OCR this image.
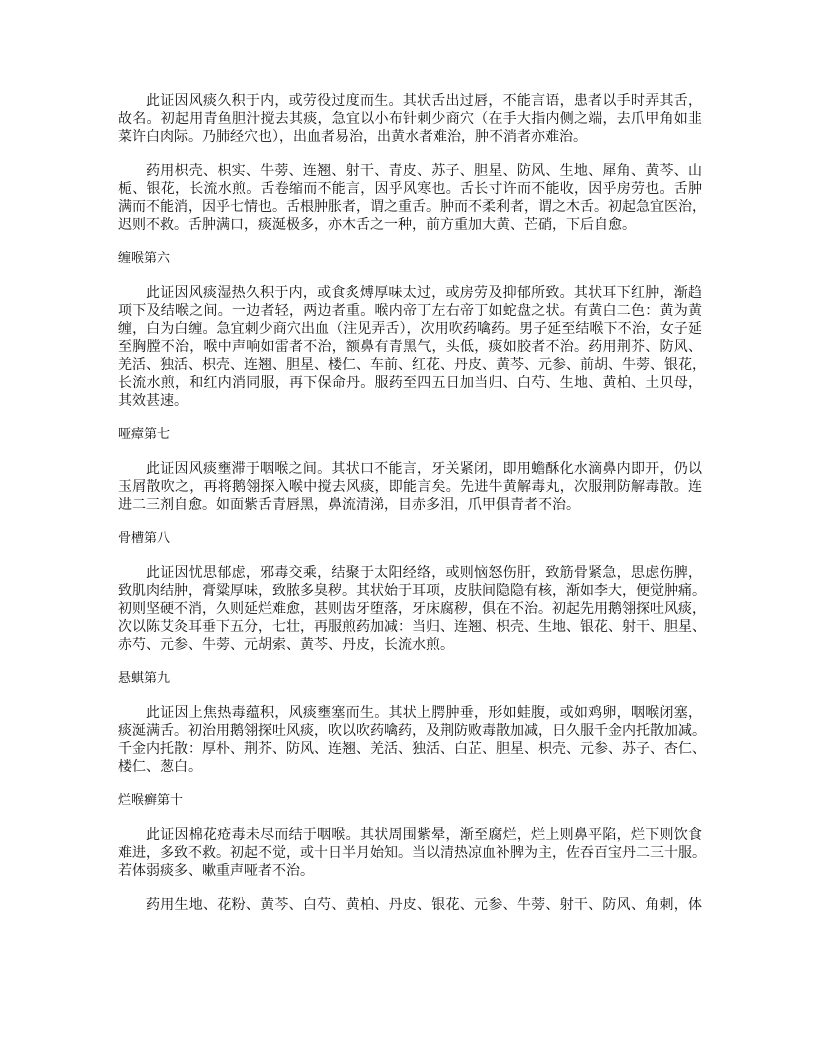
此证因风痰久积于内，或劳役过度而生。其状舌出过唇，不能言语，患者以手时弄其舌，
故名。初起用青鱼胆汁搅去其痰，急宜以小布针刺少商穴（在手大指内侧之端，去爪甲角如韭
菜许白肉际。乃肺经穴也），出血者易治，出黄水者难治，肿不消者亦难治。
药用枳壳、枳实、牛蒡、连翘、射干、青皮、苏子、胆星、防风、生地、犀角、黄芩、山
栀、银花，长流水煎。舌卷缩而不能言，因乎风寒也。舌长寸许而不能收，因乎房劳也。舌肿
满而不能消，因乎七情也。舌根肿胀者，谓之重舌。肿而不柔利者，谓之木舌。初起急宜医治，
迟则不救。舌肿满口，痰涎极多，亦木舌之一种，前方重加大黄、芒硝，下后自愈。
缠喉第六
此证因风痰湿热久积于内，或食炙煿厚味太过，或房劳及抑郁所致。其状耳下红肿，渐趋
项下及结喉之间。一边者轻，两边者重。喉内帝丁左右帝丁如蛇盘之状。有黄白二色：黄为黄
缠，白为白缠。急宜刺少商穴出血（注见弄舌），次用吹药噙药。男子延至结喉下不治，女子延
至胸膛不治，喉中声响如雷者不治，额鼻有青黑气，头低，痰如胶者不治。药用荆芥、防风、
羌活、独活、枳壳、连翘、胆星、楼仁、车前、红花、丹皮、黄芩、元参、前胡、牛蒡、银花，
长流水煎，和红内消同服，再下保命丹。服药至四五日加当归、白芍、生地、黄柏、土贝母，
其效甚速。
哑瘴第七
此证因风痰壅滞于咽喉之间。其状口不能言，牙关紧闭，即用蟾酥化水滴鼻内即开，仍以
玉屑散吹之，再将鹅翎探入喉中搅去风痰，即能言矣。先进牛黄解毒丸，次服荆防解毒散。连
进二三剂自愈。如面紫舌青唇黑，鼻流清涕，目赤多泪，爪甲俱青者不治。
骨槽第八
此证因忧思郁虑，邪毒交乘，结聚于太阳经络，或则恼怒伤肝，致筋骨紧急，思虑伤脾，
致肌肉结肿，膏粱厚味，致脓多臭秽。其状始于耳项，皮肤间隐隐有核，渐如李大，便觉肿痛。
初则坚硬不消，久则延烂难愈，甚则齿牙堕落，牙床腐秽，俱在不治。初起先用鹅翎探吐风痰，
次以陈艾灸耳垂下五分，七壮，再服煎药加减：当归、连翘、枳壳、生地、银花、射干、胆星、
赤芍、元参、牛蒡、元胡索、黄芩、丹皮，长流水煎。
悬蜞第九
此证因上焦热毒蕴积，风痰壅塞而生。其状上腭肿垂，形如蛙腹，或如鸡卵，咽喉闭塞，
痰涎满舌。初治用鹅翎探吐风痰，吹以吹药噙药，及荆防败毒散加减，日久服千金内托散加减。
千金内托散：厚朴、荆芥、防风、连翘、羌活、独活、白芷、胆星、枳壳、元参、苏子、杏仁、
楼仁、葱白。
烂喉癣第十
此证因棉花疮毒未尽而结于咽喉。其状周围紫晕，渐至腐烂，烂上则鼻平陷，烂下则饮食
难进，多致不救。初起不觉，或十日半月始知。当以清热凉血补脾为主，佐吞百宝丹二三十服。
若体弱痰多、嗽重声哑者不治。
药用生地、花粉、黄芩、白芍、黄柏、丹皮、银花、元参、牛蒡、射干、防风、角刺，体
